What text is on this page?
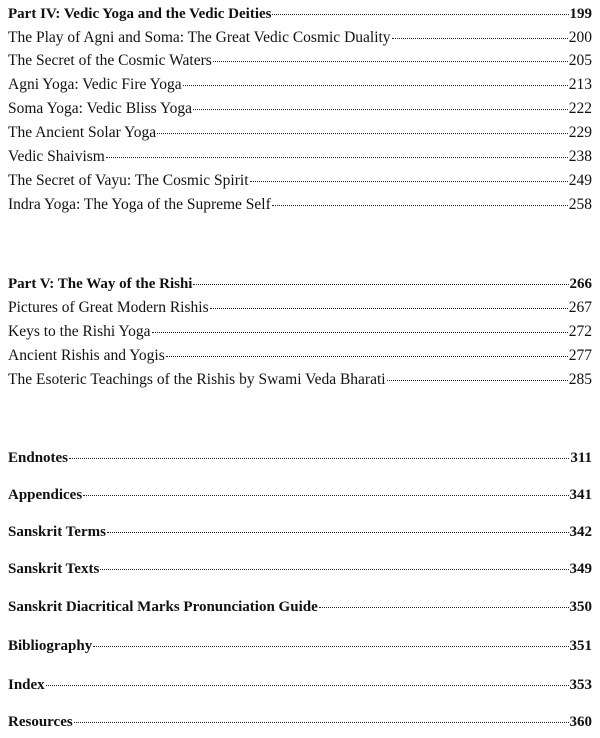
Part IV: Vedic Yoga and the Vedic Deities	199
The Play of Agni and Soma: The Great Vedic Cosmic Duality	200
The Secret of the Cosmic Waters	205
Agni Yoga: Vedic Fire Yoga	213
Soma Yoga: Vedic Bliss Yoga	222
The Ancient Solar Yoga	229
Vedic Shaivism	238
The Secret of Vayu: The Cosmic Spirit	249
Indra Yoga: The Yoga of the Supreme Self	258
Part V: The Way of the Rishi	266
Pictures of Great Modern Rishis	267
Keys to the Rishi Yoga	272
Ancient Rishis and Yogis	277
The Esoteric Teachings of the Rishis by Swami Veda Bharati	285
Endnotes	311
Appendices	341
Sanskrit Terms	342
Sanskrit Texts	349
Sanskrit Diacritical Marks Pronunciation Guide	350
Bibliography	351
Index	353
Resources	360
